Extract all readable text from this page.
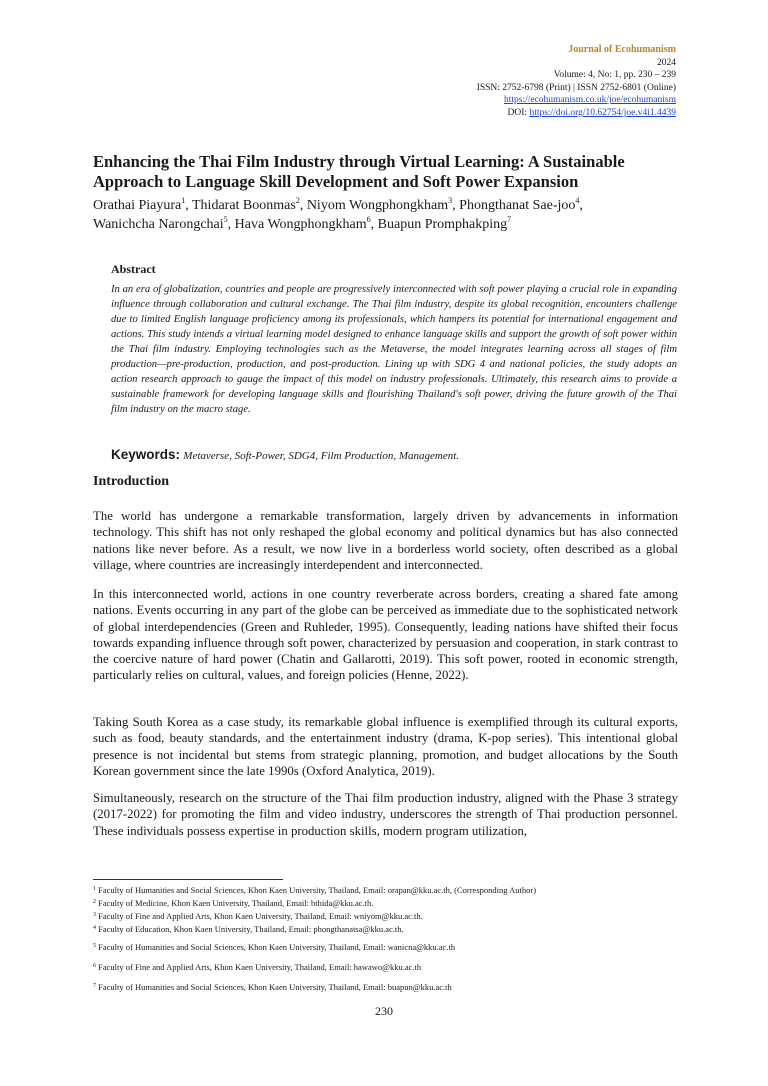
Journal of Ecohumanism
2024
Volume: 4, No: 1, pp. 230 – 239
ISSN: 2752-6798 (Print) | ISSN 2752-6801 (Online)
https://ecohumanism.co.uk/joe/ecohumanism
DOI: https://doi.org/10.62754/joe.v4i1.4439
Enhancing the Thai Film Industry through Virtual Learning: A Sustainable Approach to Language Skill Development and Soft Power Expansion
Orathai Piayura$^1$, Thidarat Boonmas$^2$, Niyom Wongphongkham$^3$, Phongthanat Sae-joo$^4$,
Wanichcha Narongchai$^5$, Hava Wongphongkham$^6$, Buapun Promphakping$^7$
Abstract
In an era of globalization, countries and people are progressively interconnected with soft power playing a crucial role in expanding influence through collaboration and cultural exchange. The Thai film industry, despite its global recognition, encounters challenge due to limited English language proficiency among its professionals, which hampers its potential for international engagement and actions. This study intends a virtual learning model designed to enhance language skills and support the growth of soft power within the Thai film industry. Employing technologies such as the Metaverse, the model integrates learning across all stages of film production—pre-production, production, and post-production. Lining up with SDG 4 and national policies, the study adopts an action research approach to gauge the impact of this model on industry professionals. Ultimately, this research aims to provide a sustainable framework for developing language skills and flourishing Thailand's soft power, driving the future growth of the Thai film industry on the macro stage.
Keywords: Metaverse, Soft-Power, SDG4, Film Production, Management.
Introduction

The world has undergone a remarkable transformation, largely driven by advancements in information technology. This shift has not only reshaped the global economy and political dynamics but has also connected nations like never before. As a result, we now live in a borderless world society, often described as a global village, where countries are increasingly interdependent and interconnected.

In this interconnected world, actions in one country reverberate across borders, creating a shared fate among nations. Events occurring in any part of the globe can be perceived as immediate due to the sophisticated network of global interdependencies (Green and Ruhleder, 1995). Consequently, leading nations have shifted their focus towards expanding influence through soft power, characterized by persuasion and cooperation, in stark contrast to the coercive nature of hard power (Chatin and Gallarotti, 2019). This soft power, rooted in economic strength, particularly relies on cultural, values, and foreign policies (Henne, 2022).

Taking South Korea as a case study, its remarkable global influence is exemplified through its cultural exports, such as food, beauty standards, and the entertainment industry (drama, K-pop series). This intentional global presence is not incidental but stems from strategic planning, promotion, and budget allocations by the South Korean government since the late 1990s (Oxford Analytica, 2019).

Simultaneously, research on the structure of the Thai film production industry, aligned with the Phase 3 strategy (2017-2022) for promoting the film and video industry, underscores the strength of Thai production personnel. These individuals possess expertise in production skills, modern program utilization,

$^1$ Faculty of Humanities and Social Sciences, Khon Kaen University, Thailand, Email: orapan@kku.ac.th, (Corresponding Author)
$^2$ Faculty of Medicine, Khon Kaen University, Thailand, Email: bthida@kku.ac.th.
$^3$ Faculty of Fine and Applied Arts, Khon Kaen University, Thailand, Email: wniyom@kku.ac.th.
$^4$ Faculty of Education, Khon Kaen University, Thailand, Email: phongthanatsa@kku.ac.th.
$^5$ Faculty of Humanities and Social Sciences, Khon Kaen University, Thailand, Email: wanicna@kku.ac.th
$^6$ Faculty of Fine and Applied Arts, Khon Kaen University, Thailand, Email: hawawo@kku.ac.th
$^7$ Faculty of Humanities and Social Sciences, Khon Kaen University, Thailand, Email: buapun@kku.ac.th
230
